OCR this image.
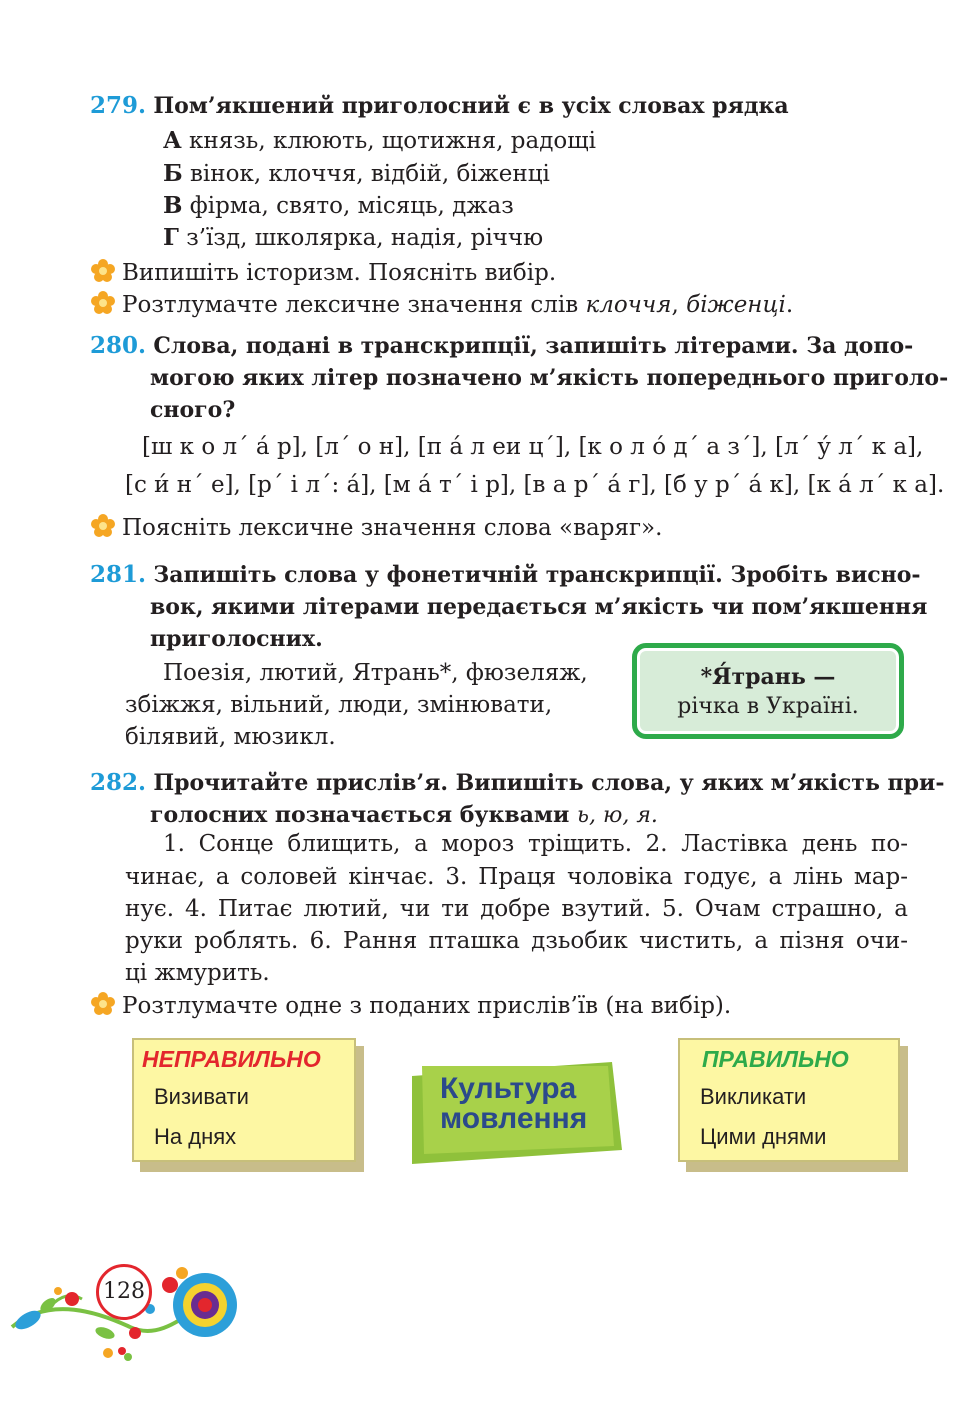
279. Пом’якшений приголосний є в усіх словах рядка
А князь, клюють, щотижня, радощі
Б вінок, клоччя, відбій, біженці
В фірма, свято, місяць, джаз
Г з’їзд, школярка, надія, річчю
Випишіть історизм. Поясніть вибір.
Розтлумачте лексичне значення слів клоччя, біженці.
280. Слова, подані в транскрипції, запишіть літерами. За допо-
могою яких літер позначено м’якість попереднього приголо-
сного?
[ш к о л΄ а́ р], [л΄ о н], [п а́ л еи ц΄], [к о л о́ д΄ а з΄], [л΄ у́ л΄ к а],
[с и́ н΄ е], [р΄ і л΄: а́], [м а́ т΄ і р], [в а р΄ а́ г], [б у р΄ а́ к], [к а́ л΄ к а].
Поясніть лексичне значення слова «варяг».
281. Запишіть слова у фонетичній транскрипції. Зробіть висно-
вок, якими літерами передається м’якість чи пом’якшення
приголосних.
Поезія, лютий, Ятрань*, фюзеляж,
збіжжя, вільний, люди, змінювати,
білявий, мюзикл.
*Я́трань —
річка в Україні.
282. Прочитайте прислів’я. Випишіть слова, у яких м’якість при-
голосних позначається буквами ь, ю, я.
1. Сонце блищить, а мороз тріщить. 2. Ластівка день по-
чинає, а соловей кінчає. 3. Праця чоловіка годує, а лінь мар-
нує. 4. Питає лютий, чи ти добре взутий. 5. Очам страшно, а
руки роблять. 6. Рання пташка дзьобик чистить, а пізня очи-
ці жмурить.
Розтлумачте одне з поданих прислів’їв (на вибір).
НЕПРАВИЛЬНО
Визивати
На днях
Культура
мовлення
ПРАВИЛЬНО
Викликати
Цими днями
128
